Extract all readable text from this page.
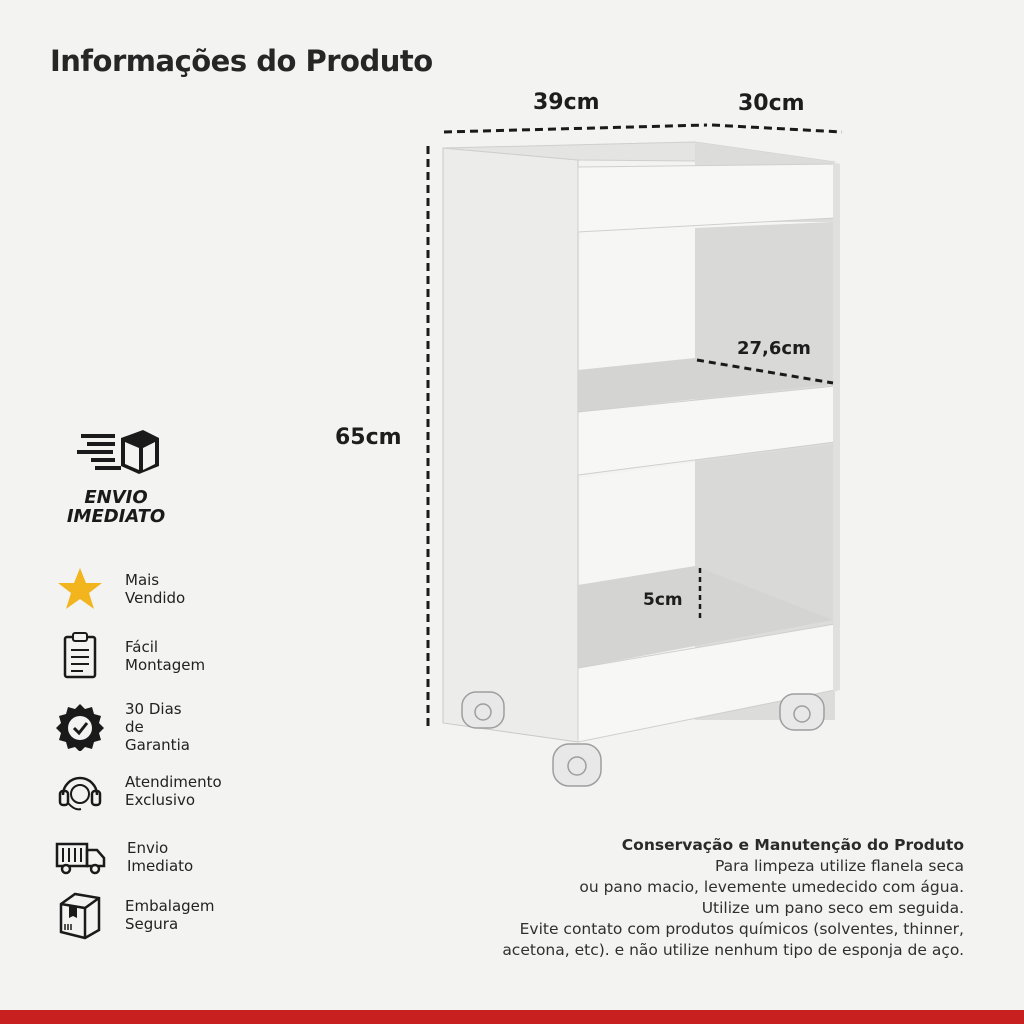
Informações do Produto
39cm	30cm
65cm
27,6cm
5cm
ENVIO
IMEDIATO
Mais Vendido
Fácil Montagem
30 Dias de Garantia
Atendimento Exclusivo
Envio Imediato
Embalagem Segura
Conservação e Manutenção do Produto
Para limpeza utilize flanela seca
ou pano macio, levemente umedecido com água.
Utilize um pano seco em seguida.
Evite contato com produtos químicos (solventes, thinner,
acetona, etc). e não utilize nenhum tipo de esponja de aço.
